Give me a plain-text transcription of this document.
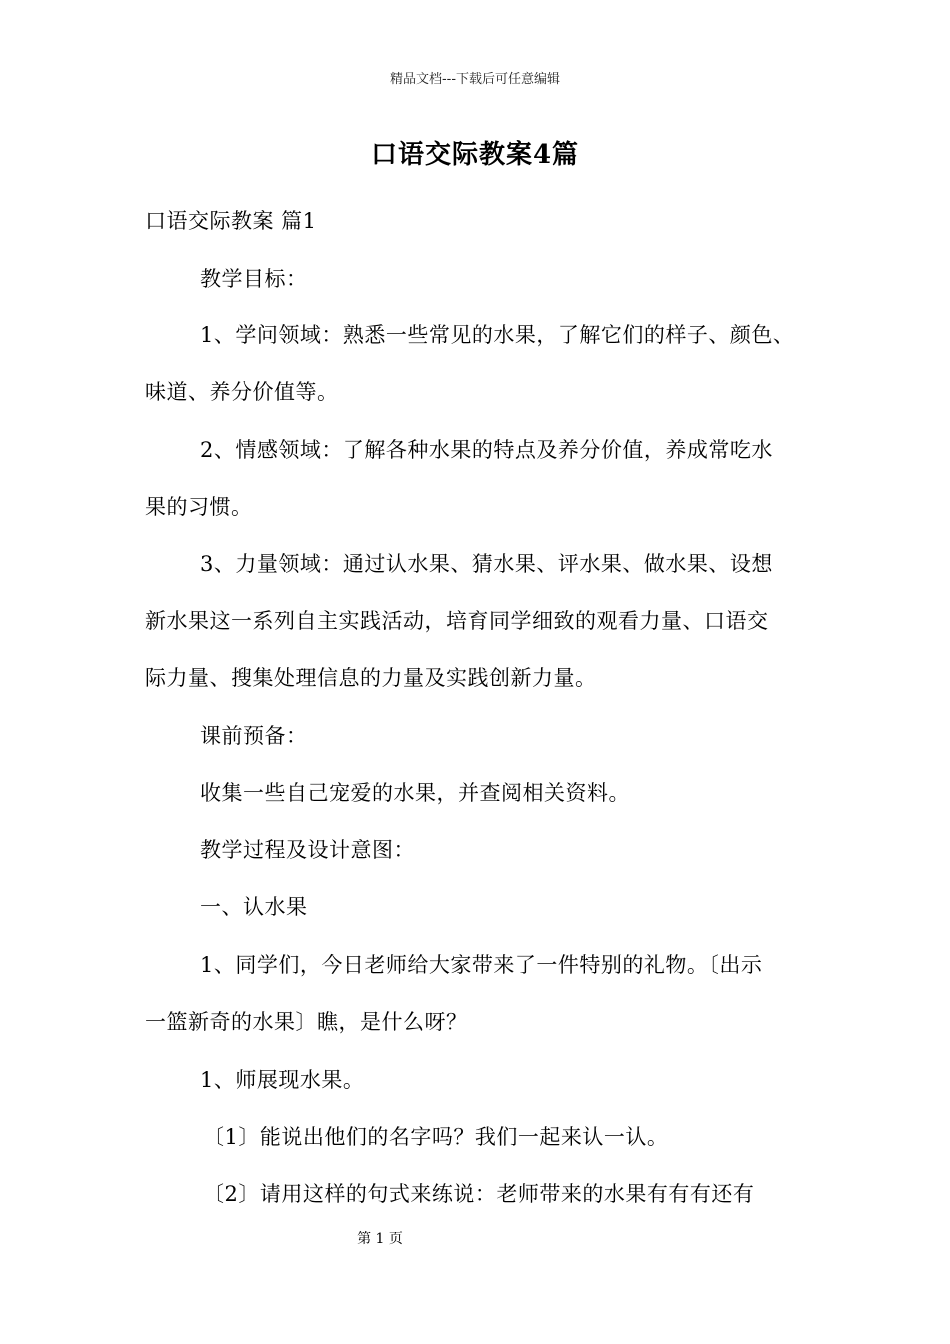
精品文档---下载后可任意编辑
口语交际教案4篇
口语交际教案 篇1
教学目标：
1、学问领域：熟悉一些常见的水果，了解它们的样子、颜色、
味道、养分价值等。
2、情感领域：了解各种水果的特点及养分价值，养成常吃水
果的习惯。
3、力量领域：通过认水果、猜水果、评水果、做水果、设想
新水果这一系列自主实践活动，培育同学细致的观看力量、口语交
际力量、搜集处理信息的力量及实践创新力量。
课前预备：
收集一些自己宠爱的水果，并查阅相关资料。
教学过程及设计意图：
一、认水果
1、同学们，今日老师给大家带来了一件特别的礼物。〔出示
一篮新奇的水果〕瞧，是什么呀？
1、师展现水果。
〔1〕能说出他们的名字吗？我们一起来认一认。
〔2〕请用这样的句式来练说：老师带来的水果有有有还有
第 1 页
